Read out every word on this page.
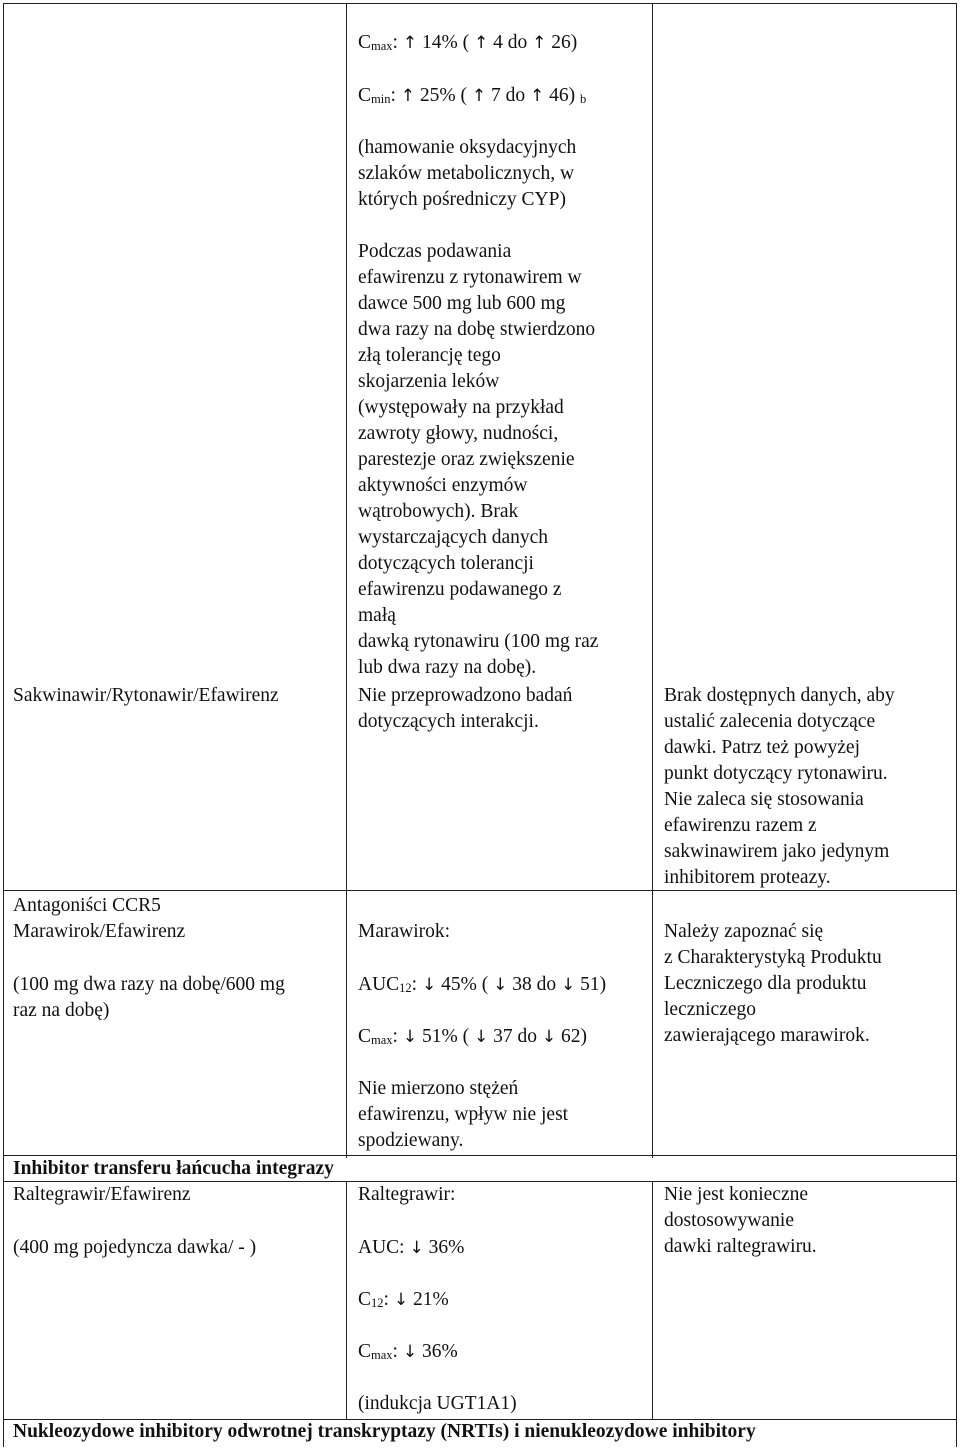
Cmax: ↑ 14% ( ↑ 4 do ↑ 26)
Cmin: ↑ 25% ( ↑ 7 do ↑ 46) b
(hamowanie oksydacyjnych
szlaków metabolicznych, w
których pośredniczy CYP)
Podczas podawania
efawirenzu z rytonawirem w
dawce 500 mg lub 600 mg
dwa razy na dobę stwierdzono
złą tolerancję tego
skojarzenia leków
(występowały na przykład
zawroty głowy, nudności,
parestezje oraz zwiększenie
aktywności enzymów
wątrobowych). Brak
wystarczających danych
dotyczących tolerancji
efawirenzu podawanego z
małą
dawką rytonawiru (100 mg raz
lub dwa razy na dobę).
Sakwinawir/Rytonawir/Efawirenz	Nie przeprowadzono badań
dotyczących interakcji.
Brak dostępnych danych, aby
ustalić zalecenia dotyczące
dawki. Patrz też powyżej
punkt dotyczący rytonawiru.
Nie zaleca się stosowania
efawirenzu razem z
sakwinawirem jako jedynym
inhibitorem proteazy.
Antagoniści CCR5
Marawirok/Efawirenz
(100 mg dwa razy na dobę/600 mg
raz na dobę)
Marawirok:
AUC12: ↓ 45% ( ↓ 38 do ↓ 51)
Cmax: ↓ 51% ( ↓ 37 do ↓ 62)
Nie mierzono stężeń
efawirenzu, wpływ nie jest
spodziewany.
Należy zapoznać się
z Charakterystyką Produktu
Leczniczego dla produktu
leczniczego
zawierającego marawirok.
Inhibitor transferu łańcucha integrazy
Raltegrawir/Efawirenz
(400 mg pojedyncza dawka/ - )
Raltegrawir:
AUC: ↓ 36%
C12: ↓ 21%
Cmax: ↓ 36%
(indukcja UGT1A1)
Nie jest konieczne
dostosowywanie
dawki raltegrawiru.
Nukleozydowe inhibitory odwrotnej transkryptazy (NRTIs) i nienukleozydowe inhibitory
